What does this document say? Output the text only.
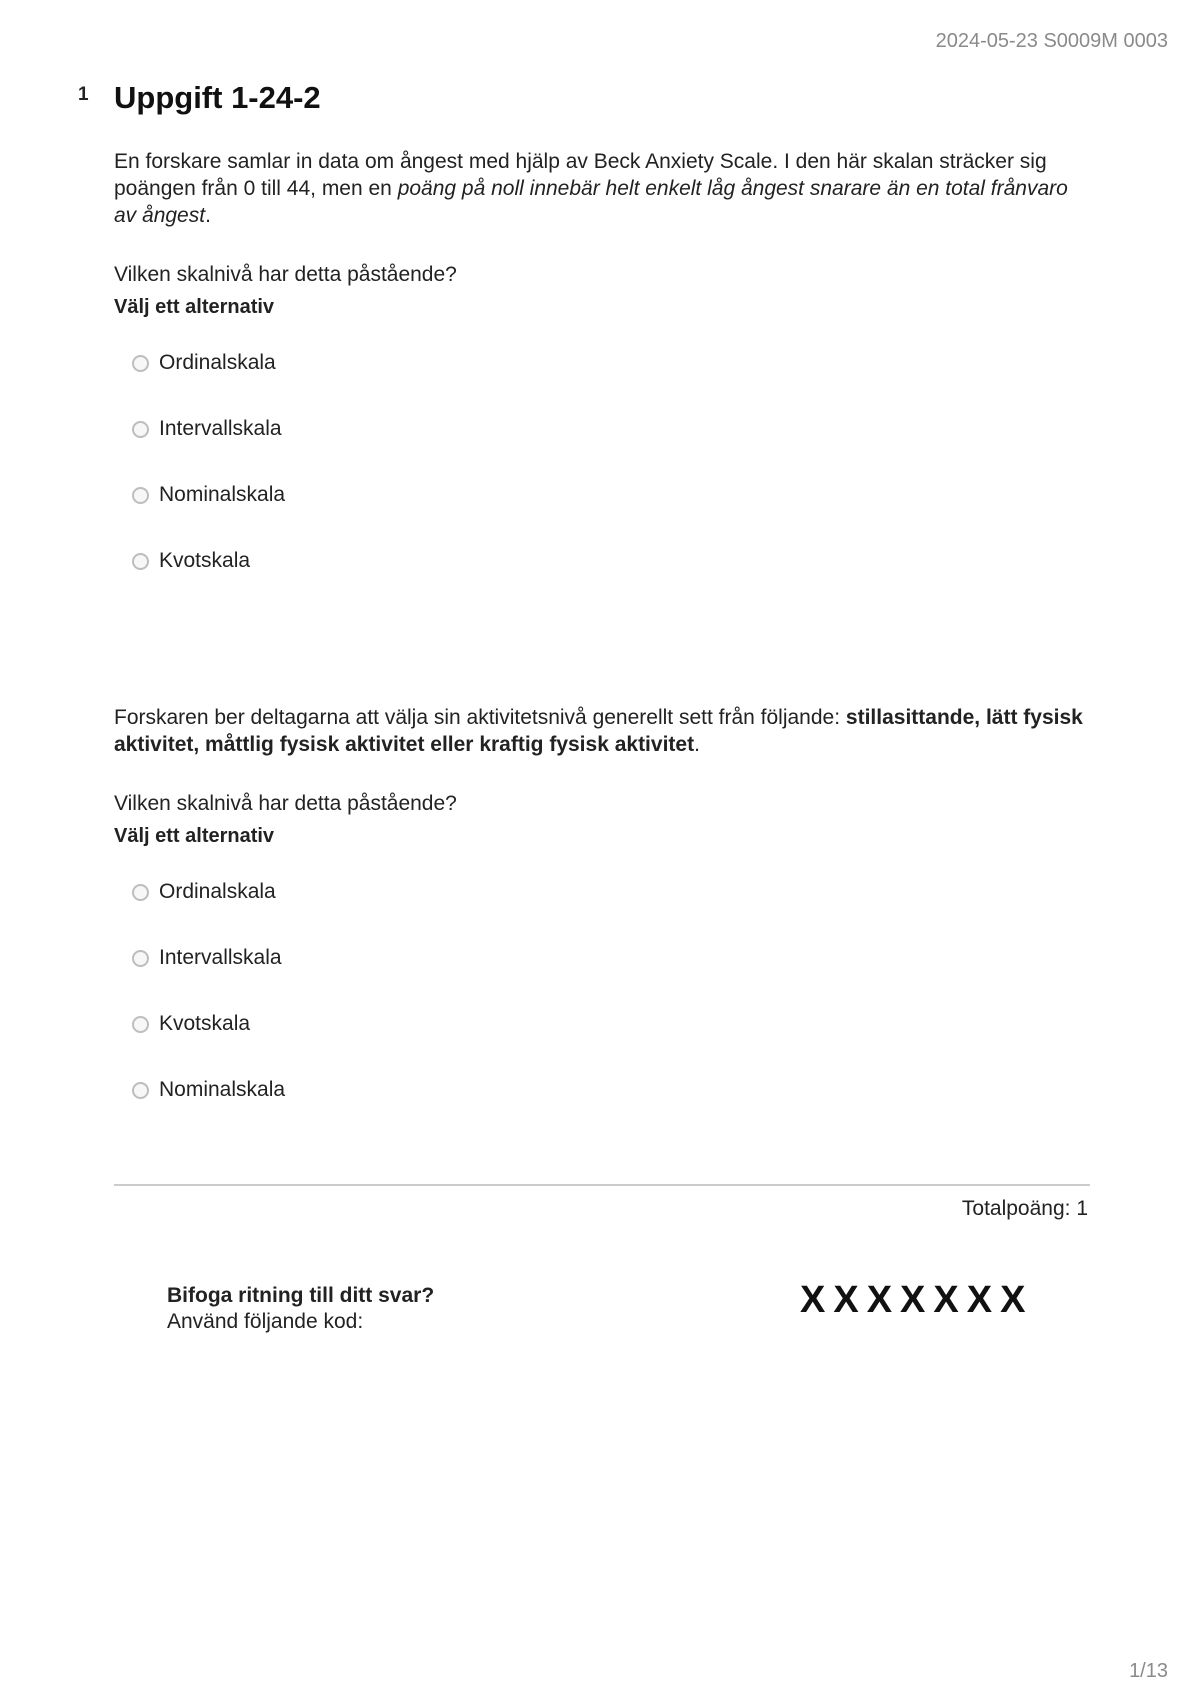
2024-05-23 S0009M 0003
1 Uppgift 1-24-2

En forskare samlar in data om ångest med hjälp av Beck Anxiety Scale. I den här skalan sträcker sig poängen från 0 till 44, men en poäng på noll innebär helt enkelt låg ångest snarare än en total frånvaro av ångest.

Vilken skalnivå har detta påstående?

Välj ett alternativ

Ordinalskala
Intervallskala
Nominalskala
Kvotskala

Forskaren ber deltagarna att välja sin aktivitetsnivå generellt sett från följande: stillasittande, lätt fysisk aktivitet, måttlig fysisk aktivitet eller kraftig fysisk aktivitet.

Vilken skalnivå har detta påstående?

Välj ett alternativ

Ordinalskala
Intervallskala
Kvotskala
Nominalskala
Totalpoäng: 1
Bifoga ritning till ditt svar?
Använd följande kod:
XXXXXXX
1/13
